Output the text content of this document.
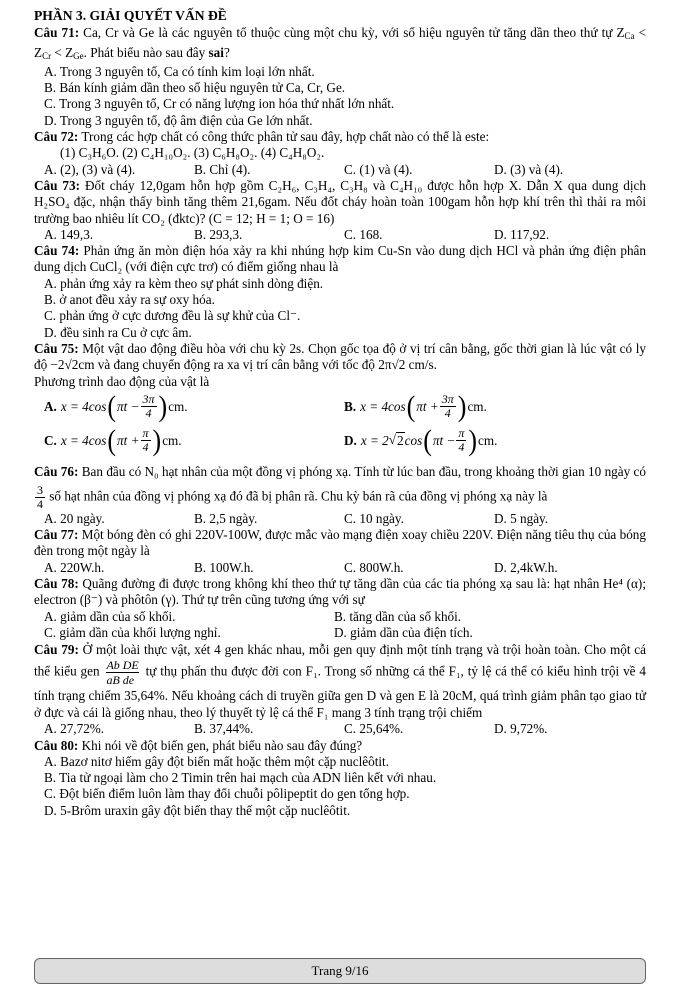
PHẦN 3. GIẢI QUYẾT VẤN ĐỀ

Câu 71: Ca, Cr và Ge là các nguyên tố thuộc cùng một chu kỳ, với số hiệu nguyên tử tăng dần theo thứ tự $Z_{Ca} < Z_{Cr} < Z_{Ge}$. Phát biểu nào sau đây sai?

A. Trong 3 nguyên tố, Ca có tính kim loại lớn nhất.
B. Bán kính giảm dần theo số hiệu nguyên tử Ca, Cr, Ge.
C. Trong 3 nguyên tố, Cr có năng lượng ion hóa thứ nhất lớn nhất.
D. Trong 3 nguyên tố, độ âm điện của Ge lớn nhất.

Câu 72: Trong các hợp chất có công thức phân tử sau đây, hợp chất nào có thể là este:

(1) C₃H₆O. (2) C₄H₁₀O₂. (3) C₆H₈O₂. (4) C₄H₈O₂.
A. (2), (3) và (4).	B. Chỉ (4).	C. (1) và (4).	D. (3) và (4).

Câu 73: Đốt cháy 12,0gam hỗn hợp gồm C₂H₆, C₃H₄, C₃H₈ và C₄H₁₀ được hỗn hợp X. Dẫn X qua dung dịch H₂SO₄ đặc, nhận thấy bình tăng thêm 21,6gam. Nếu đốt cháy hoàn toàn 100gam hỗn hợp khí trên thì thải ra môi trường bao nhiêu lít CO₂ (đktc)? (C = 12; H = 1; O = 16)

A. 149,3.	B. 293,3.	C. 168.	D. 117,92.

Câu 74: Phản ứng ăn mòn điện hóa xảy ra khi nhúng hợp kim Cu-Sn vào dung dịch HCl và phản ứng điện phân dung dịch CuCl₂ (với điện cực trơ) có điểm giống nhau là

A. phản ứng xảy ra kèm theo sự phát sinh dòng điện.
B. ở anot đều xảy ra sự oxy hóa.
C. phản ứng ở cực dương đều là sự khử của Cl⁻.
D. đều sinh ra Cu ở cực âm.

Câu 75: Một vật dao động điều hòa với chu kỳ 2s. Chọn gốc tọa độ ở vị trí cân bằng, gốc thời gian là lúc vật có ly độ −2√2cm và đang chuyển động ra xa vị trí cân bằng với tốc độ 2π√2 cm/s.

Phương trình dao động của vật là

A. x = 4cos ( $\pi t - \frac{3\pi}{4}$ ) cm.	B. x = 4cos ( $\pi t + \frac{3\pi}{4}$ ) cm.
C. x = 4cos ( $\pi t + \frac{\pi}{4}$ ) cm.	D. x = 2 √ 2 cos ( $\pi t - \frac{\pi}{4}$ ) cm.

Câu 76: Ban đầu có N₀ hạt nhân của một đồng vị phóng xạ. Tính từ lúc ban đầu, trong khoảng thời gian 10 ngày có
$\frac{3}{4}$ số hạt nhân của đồng vị phóng xạ đó đã bị phân rã. Chu kỳ bán rã của đồng vị phóng xạ này là

A. 20 ngày.	B. 2,5 ngày.	C. 10 ngày.	D. 5 ngày.

Câu 77: Một bóng đèn có ghi 220V-100W, được mắc vào mạng điện xoay chiều 220V. Điện năng tiêu thụ của bóng đèn trong một ngày là

A. 220W.h.	B. 100W.h.	C. 800W.h.	D. 2,4kW.h.

Câu 78: Quãng đường đi được trong không khí theo thứ tự tăng dần của các tia phóng xạ sau là: hạt nhân He⁴ (α); electron (β⁻) và phôtôn (γ). Thứ tự trên cũng tương ứng với sự

A. giảm dần của số khối.	B. tăng dần của số khối.
C. giảm dần của khối lượng nghỉ.	D. giảm dần của điện tích.

Câu 79: Ở một loài thực vật, xét 4 gen khác nhau, mỗi gen quy định một tính trạng và trội hoàn toàn. Cho một cá thể kiểu gen $\frac{\text{Ab DE}}{\text{aB de}}$ tự thụ phấn thu được đời con F₁. Trong số những cá thể F₁, tỷ lệ cá thể có kiểu hình trội về 4 tính trạng chiếm 35,64%. Nếu khoảng cách di truyền giữa gen D và gen E là 20cM, quá trình giảm phân tạo giao tử ở đực và cái là giống nhau, theo lý thuyết tỷ lệ cá thể F₁ mang 3 tính trạng trội chiếm

A. 27,72%.	B. 37,44%.	C. 25,64%.	D. 9,72%.

Câu 80: Khi nói về đột biến gen, phát biểu nào sau đây đúng?

A. Bazơ nitơ hiếm gây đột biến mất hoặc thêm một cặp nuclêôtit.
B. Tia tử ngoại làm cho 2 Timin trên hai mạch của ADN liên kết với nhau.
C. Đột biến điểm luôn làm thay đổi chuỗi pôlipeptit do gen tổng hợp.
D. 5-Brôm uraxin gây đột biến thay thế một cặp nuclêôtit.
Trang 9/16
